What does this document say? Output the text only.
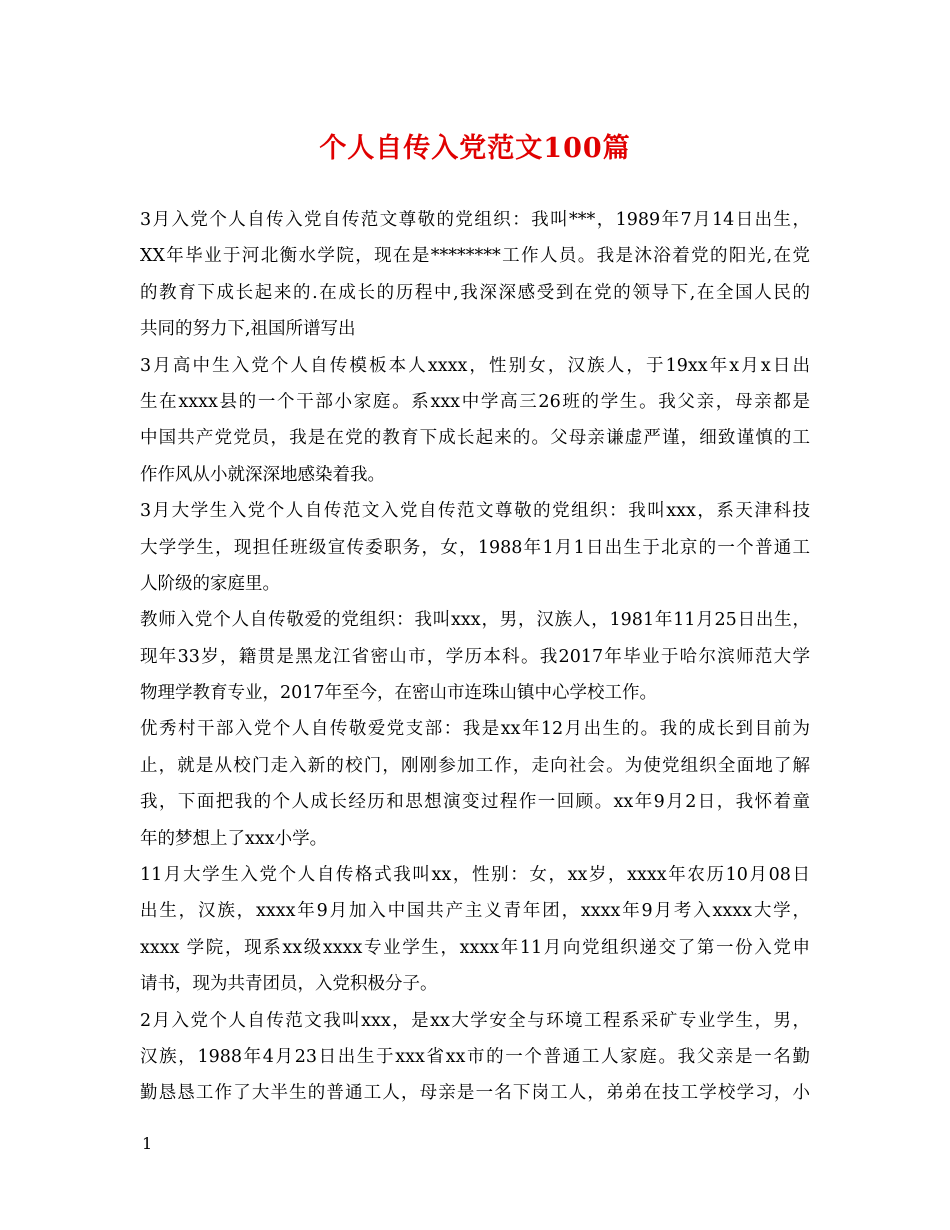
个人自传入党范文100篇
3月入党个人自传入党自传范文尊敬的党组织：我叫***，1989年7月14日出生，
XX年毕业于河北衡水学院，现在是********工作人员。我是沐浴着党的阳光,在党
的教育下成长起来的.在成长的历程中,我深深感受到在党的领导下,在全国人民的
共同的努力下,祖国所谱写出
3月高中生入党个人自传模板本人xxxx，性别女，汉族人，于19xx年x月x日出
生在xxxx县的一个干部小家庭。系xxx中学高三26班的学生。我父亲，母亲都是
中国共产党党员，我是在党的教育下成长起来的。父母亲谦虚严谨，细致谨慎的工
作作风从小就深深地感染着我。
3月大学生入党个人自传范文入党自传范文尊敬的党组织：我叫xxx，系天津科技
大学学生，现担任班级宣传委职务，女，1988年1月1日出生于北京的一个普通工
人阶级的家庭里。
教师入党个人自传敬爱的党组织：我叫xxx，男，汉族人，1981年11月25日出生，
现年33岁，籍贯是黑龙江省密山市，学历本科。我2017年毕业于哈尔滨师范大学
物理学教育专业，2017年至今，在密山市连珠山镇中心学校工作。
优秀村干部入党个人自传敬爱党支部：我是xx年12月出生的。我的成长到目前为
止，就是从校门走入新的校门，刚刚参加工作，走向社会。为使党组织全面地了解
我，下面把我的个人成长经历和思想演变过程作一回顾。xx年9月2日，我怀着童
年的梦想上了xxx小学。
11月大学生入党个人自传格式我叫xx，性别：女，xx岁，xxxx年农历10月08日
出生，汉族，xxxx年9月加入中国共产主义青年团，xxxx年9月考入xxxx大学，
xxxx 学院，现系xx级xxxx专业学生，xxxx年11月向党组织递交了第一份入党申
请书，现为共青团员，入党积极分子。
2月入党个人自传范文我叫xxx，是xx大学安全与环境工程系采矿专业学生，男，
汉族，1988年4月23日出生于xxx省xx市的一个普通工人家庭。我父亲是一名勤
勤恳恳工作了大半生的普通工人，母亲是一名下岗工人，弟弟在技工学校学习，小
1
